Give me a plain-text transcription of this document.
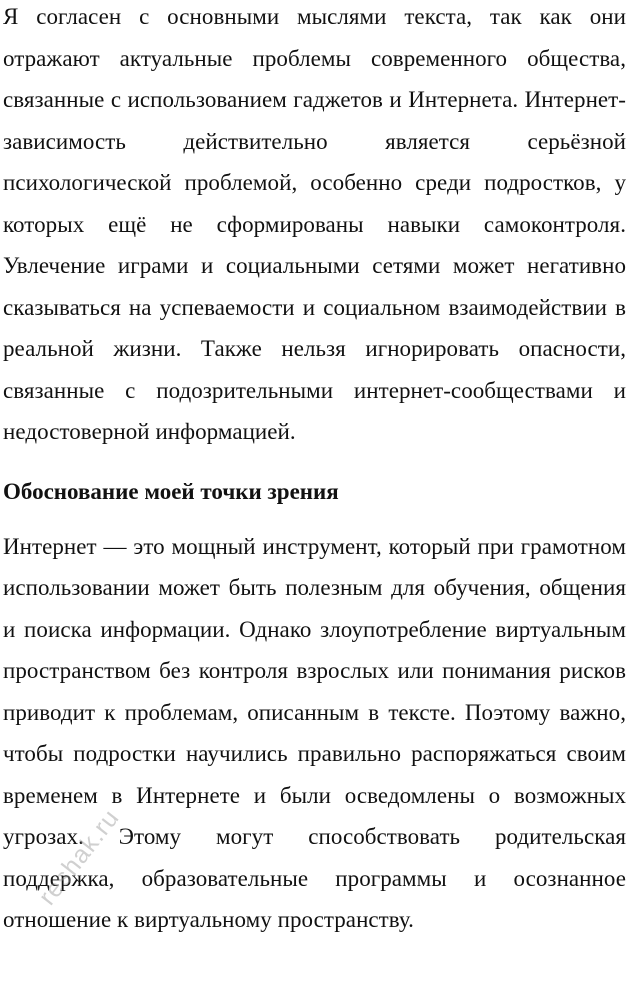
Я согласен с основными мыслями текста, так как они отражают актуальные проблемы современного общества, связанные с использованием гаджетов и Интернета. Интернет-зависимость действительно является серьёзной психологической проблемой, особенно среди подростков, у которых ещё не сформированы навыки самоконтроля. Увлечение играми и социальными сетями может негативно сказываться на успеваемости и социальном взаимодействии в реальной жизни. Также нельзя игнорировать опасности, связанные с подозрительными интернет-сообществами и недостоверной информацией.

Обоснование моей точки зрения

Интернет — это мощный инструмент, который при грамотном использовании может быть полезным для обучения, общения и поиска информации. Однако злоупотребление виртуальным пространством без контроля взрослых или понимания рисков приводит к проблемам, описанным в тексте. Поэтому важно, чтобы подростки научились правильно распоряжаться своим временем в Интернете и были осведомлены о возможных угрозах. Этому могут способствовать родительская поддержка, образовательные программы и осознанное отношение к виртуальному пространству.

reshak.ru
